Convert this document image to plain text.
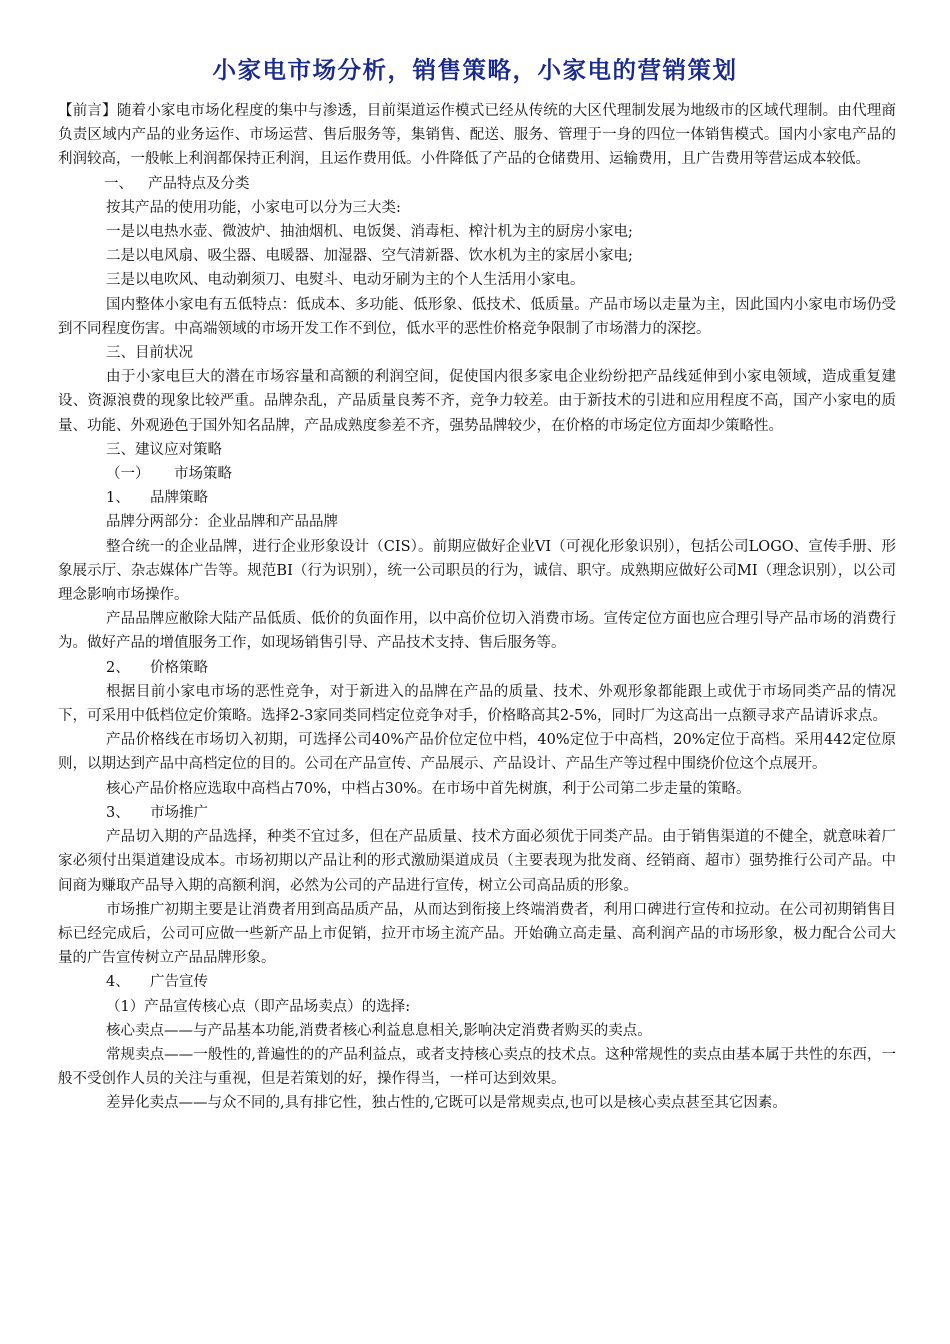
小家电市场分析，销售策略，小家电的营销策划

【前言】随着小家电市场化程度的集中与渗透，目前渠道运作模式已经从传统的大区代理制发展为地级市的区域代理制。由代理商负责区域内产品的业务运作、市场运营、售后服务等，集销售、配送、服务、管理于一身的四位一体销售模式。国内小家电产品的利润较高，一般帐上利润都保持正利润，且运作费用低。小件降低了产品的仓储费用、运输费用，且广告费用等营运成本较低。

一、 产品特点及分类

按其产品的使用功能，小家电可以分为三大类:

一是以电热水壶、微波炉、抽油烟机、电饭煲、消毒柜、榨汁机为主的厨房小家电;

二是以电风扇、吸尘器、电暖器、加湿器、空气清新器、饮水机为主的家居小家电;

三是以电吹风、电动剃须刀、电熨斗、电动牙刷为主的个人生活用小家电。

国内整体小家电有五低特点：低成本、多功能、低形象、低技术、低质量。产品市场以走量为主，因此国内小家电市场仍受到不同程度伤害。中高端领域的市场开发工作不到位，低水平的恶性价格竞争限制了市场潜力的深挖。

三、目前状况

由于小家电巨大的潜在市场容量和高额的利润空间，促使国内很多家电企业纷纷把产品线延伸到小家电领域，造成重复建设、资源浪费的现象比较严重。品牌杂乱，产品质量良莠不齐，竞争力较差。由于新技术的引进和应用程度不高，国产小家电的质量、功能、外观逊色于国外知名品牌，产品成熟度参差不齐，强势品牌较少，在价格的市场定位方面却少策略性。

三、建议应对策略

（一） 市场策略

1、 品牌策略

品牌分两部分：企业品牌和产品品牌

整合统一的企业品牌，进行企业形象设计（CIS）。前期应做好企业VI（可视化形象识别），包括公司LOGO、宣传手册、形象展示厅、杂志媒体广告等。规范BI（行为识别），统一公司职员的行为，诚信、职守。成熟期应做好公司MI（理念识别），以公司理念影响市场操作。

产品品牌应敝除大陆产品低质、低价的负面作用，以中高价位切入消费市场。宣传定位方面也应合理引导产品市场的消费行为。做好产品的增值服务工作，如现场销售引导、产品技术支持、售后服务等。

2、 价格策略

根据目前小家电市场的恶性竞争，对于新进入的品牌在产品的质量、技术、外观形象都能跟上或优于市场同类产品的情况下，可采用中低档位定价策略。选择2-3家同类同档定位竞争对手，价格略高其2-5%，同时厂为这高出一点额寻求产品请诉求点。

产品价格线在市场切入初期，可选择公司40%产品价位定位中档，40%定位于中高档，20%定位于高档。采用442定位原则，以期达到产品中高档定位的目的。公司在产品宣传、产品展示、产品设计、产品生产等过程中围绕价位这个点展开。

核心产品价格应选取中高档占70%，中档占30%。在市场中首先树旗，利于公司第二步走量的策略。

3、 市场推广

产品切入期的产品选择，种类不宜过多，但在产品质量、技术方面必须优于同类产品。由于销售渠道的不健全，就意味着厂家必须付出渠道建设成本。市场初期以产品让利的形式激励渠道成员（主要表现为批发商、经销商、超市）强势推行公司产品。中间商为赚取产品导入期的高额利润，必然为公司的产品进行宣传，树立公司高品质的形象。

市场推广初期主要是让消费者用到高品质产品，从而达到衔接上终端消费者，利用口碑进行宣传和拉动。在公司初期销售目标已经完成后，公司可应做一些新产品上市促销，拉开市场主流产品。开始确立高走量、高利润产品的市场形象，极力配合公司大量的广告宣传树立产品品牌形象。

4、 广告宣传

（1）产品宣传核心点（即产品场卖点）的选择:

核心卖点——与产品基本功能,消费者核心利益息息相关,影响决定消费者购买的卖点。

常规卖点——一般性的,普遍性的的产品利益点，或者支持核心卖点的技术点。这种常规性的卖点由基本属于共性的东西，一般不受创作人员的关注与重视，但是若策划的好，操作得当，一样可达到效果。

差异化卖点——与众不同的,具有排它性，独占性的,它既可以是常规卖点,也可以是核心卖点甚至其它因素。
